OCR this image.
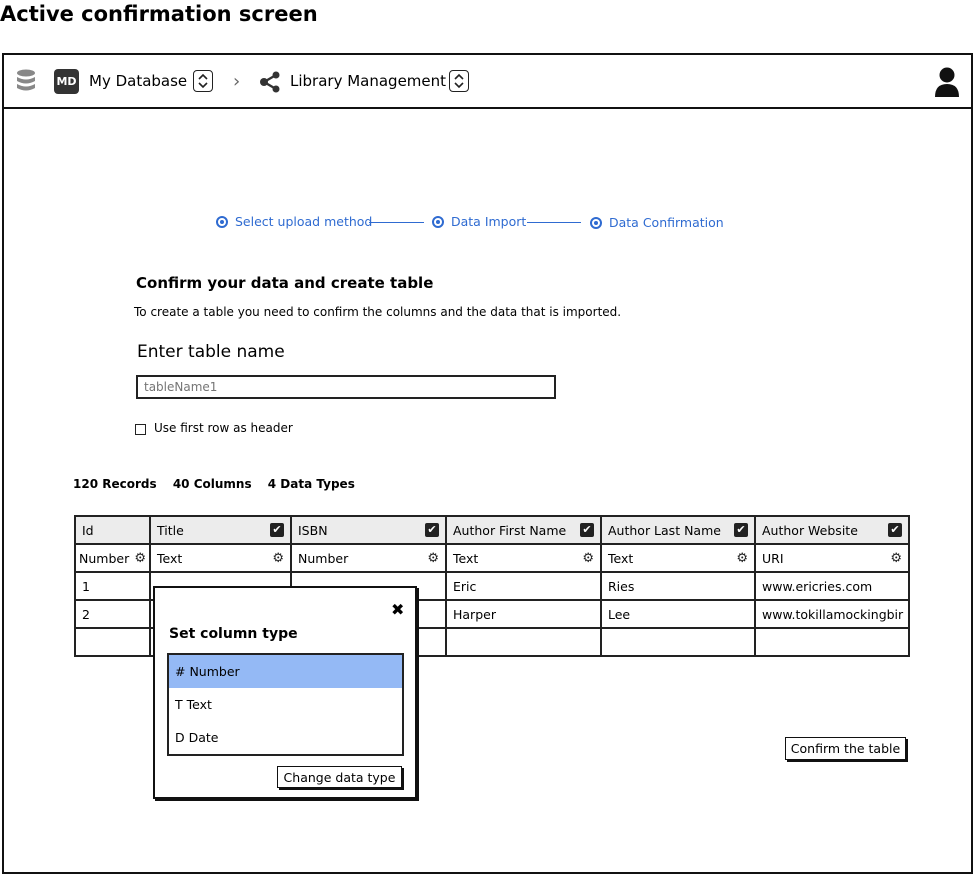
Active confirmation screen
MD My Database	›	Library Management
Select upload method	Data Import	Data Confirmation
Confirm your data and create table
To create a table you need to confirm the columns and the data that is imported.
Enter table name
tableName1
Use first row as header
120 Records 40 Columns 4 Data Types
Id	Title ✔	ISBN ✔	Author First Name ✔	Author Last Name ✔	Author Website ✔

Number ⚙	Text ⚙	Number ⚙	Text ⚙	Text ⚙	URI ⚙

1			Eric	Ries	www.ericries.com
2			Harper	Lee	www.tokillamockingbir

✖
Set column type
# Number
T Text
D Date
Change data type
Confirm the table
